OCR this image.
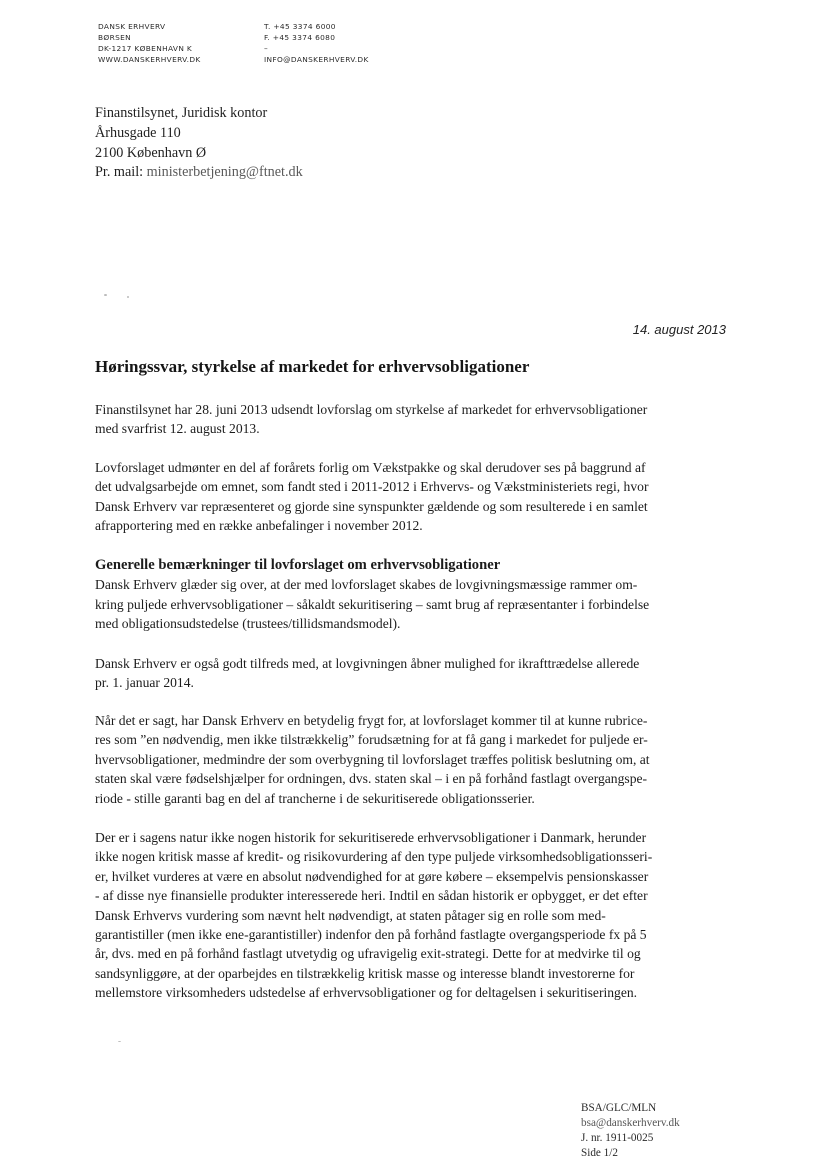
DANSK ERHVERV
BØRSEN
DK-1217 KØBENHAVN K
WWW.DANSKERHVERV.DK
T. +45 3374 6000
F. +45 3374 6080
–
INFO@DANSKERHVERV.DK
Finanstilsynet, Juridisk kontor
Århusgade 110
2100 København Ø
Pr. mail: ministerbetjening@ftnet.dk
14. august 2013
Høringssvar, styrkelse af markedet for erhvervsobligationer
Finanstilsynet har 28. juni 2013 udsendt lovforslag om styrkelse af markedet for erhvervsobligationer
med svarfrist 12. august 2013.
Lovforslaget udmønter en del af forårets forlig om Vækstpakke og skal derudover ses på baggrund af
det udvalgsarbejde om emnet, som fandt sted i 2011-2012 i Erhvervs- og Vækstministeriets regi, hvor
Dansk Erhverv var repræsenteret og gjorde sine synspunkter gældende og som resulterede i en samlet
afrapportering med en række anbefalinger i november 2012.
Generelle bemærkninger til lovforslaget om erhvervsobligationer
Dansk Erhverv glæder sig over, at der med lovforslaget skabes de lovgivningsmæssige rammer om-
kring puljede erhvervsobligationer – såkaldt sekuritisering – samt brug af repræsentanter i forbindelse
med obligationsudstedelse (trustees/tillidsmandsmodel).
Dansk Erhverv er også godt tilfreds med, at lovgivningen åbner mulighed for ikrafttrædelse allerede
pr. 1. januar 2014.
Når det er sagt, har Dansk Erhverv en betydelig frygt for, at lovforslaget kommer til at kunne rubrice-
res som ”en nødvendig, men ikke tilstrækkelig” forudsætning for at få gang i markedet for puljede er-
hvervsobligationer, medmindre der som overbygning til lovforslaget træffes politisk beslutning om, at
staten skal være fødselshjælper for ordningen, dvs. staten skal – i en på forhånd fastlagt overgangspe-
riode - stille garanti bag en del af trancherne i de sekuritiserede obligationsserier.
Der er i sagens natur ikke nogen historik for sekuritiserede erhvervsobligationer i Danmark, herunder
ikke nogen kritisk masse af kredit- og risikovurdering af den type puljede virksomhedsobligationsseri-
er, hvilket vurderes at være en absolut nødvendighed for at gøre købere – eksempelvis pensionskasser
- af disse nye finansielle produkter interesserede heri. Indtil en sådan historik er opbygget, er det efter
Dansk Erhvervs vurdering som nævnt helt nødvendigt, at staten påtager sig en rolle som med-
garantistiller (men ikke ene-garantistiller) indenfor den på forhånd fastlagte overgangsperiode fx på 5
år, dvs. med en på forhånd fastlagt utvetydig og ufravigelig exit-strategi. Dette for at medvirke til og
sandsynliggøre, at der oparbejdes en tilstrækkelig kritisk masse og interesse blandt investorerne for
mellemstore virksomheders udstedelse af erhvervsobligationer og for deltagelsen i sekuritiseringen.
BSA/GLC/MLN
bsa@danskerhverv.dk
J. nr. 1911-0025
Side 1/2
